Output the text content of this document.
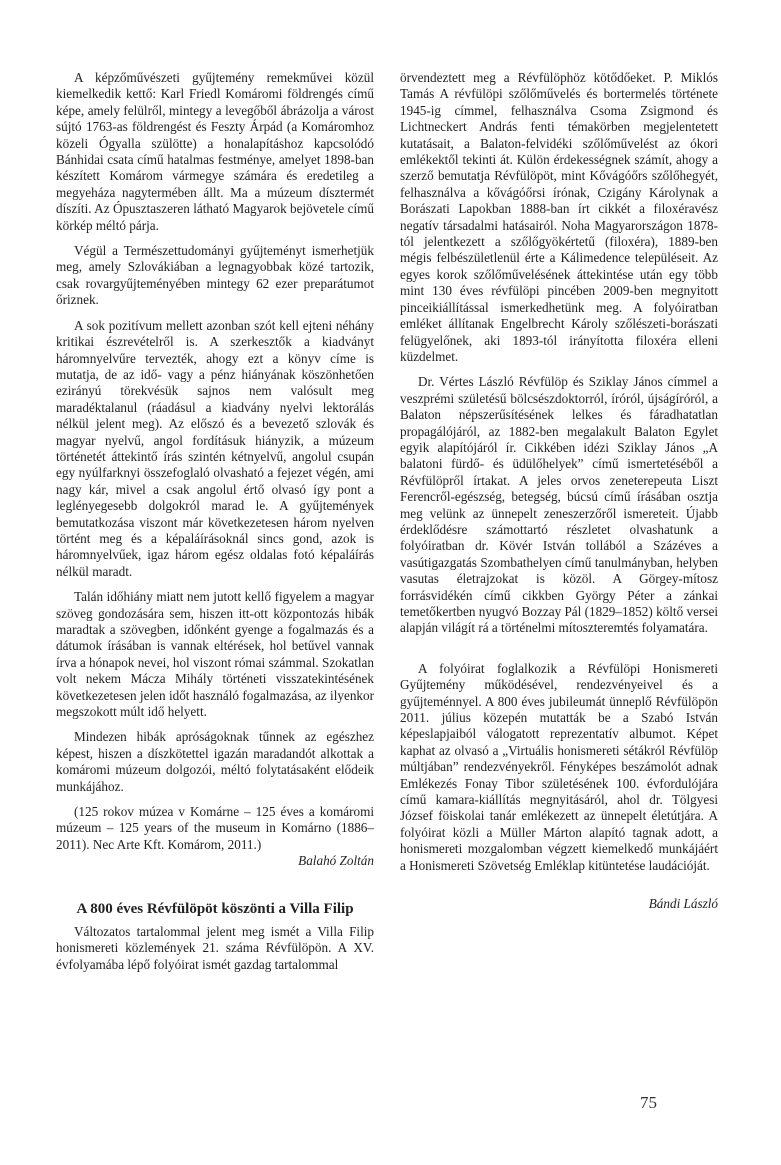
A képzőművészeti gyűjtemény remekművei közül kiemelkedik kettő: Karl Friedl Komáromi földrengés című képe, amely felülről, mintegy a levegőből ábrázolja a várost sújtó 1763-as földrengést és Feszty Árpád (a Komáromhoz közeli Ógyalla szülötte) a honalapításhoz kapcsolódó Bánhidai csata című hatalmas festménye, amelyet 1898-ban készített Komárom vármegye számára és eredetileg a megyeháza nagytermében állt. Ma a múzeum dísztermét díszíti. Az Ópusztaszeren látható Magyarok bejövetele című körkép méltó párja.

Végül a Természettudományi gyűjteményt ismerhetjük meg, amely Szlovákiában a legnagyobbak közé tartozik, csak rovargyűjteményében mintegy 62 ezer preparátumot őriznek.

A sok pozitívum mellett azonban szót kell ejteni néhány kritikai észrevételről is. A szerkesztők a kiadványt háromnyelvűre tervezték, ahogy ezt a könyv címe is mutatja, de az idő- vagy a pénz hiányának köszönhetően ezirányú törekvésük sajnos nem valósult meg maradéktalanul (ráadásul a kiadvány nyelvi lektorálás nélkül jelent meg). Az előszó és a bevezető szlovák és magyar nyelvű, angol fordításuk hiányzik, a múzeum történetét áttekintő írás szintén kétnyelvű, angolul csupán egy nyúlfarknyi összefoglaló olvasható a fejezet végén, ami nagy kár, mivel a csak angolul értő olvasó így pont a leglényegesebb dolgokról marad le. A gyűjtemények bemutatkozása viszont már következetesen három nyelven történt meg és a képaláírásoknál sincs gond, azok is háromnyelvűek, igaz három egész oldalas fotó képaláírás nélkül maradt.

Talán időhiány miatt nem jutott kellő figyelem a magyar szöveg gondozására sem, hiszen itt-ott központozás hibák maradtak a szövegben, időnként gyenge a fogalmazás és a dátumok írásában is vannak eltérések, hol betűvel vannak írva a hónapok nevei, hol viszont római számmal. Szokatlan volt nekem Mácza Mihály történeti visszatekintésének következetesen jelen időt használó fogalmazása, az ilyenkor megszokott múlt idő helyett.

Mindezen hibák apróságoknak tűnnek az egészhez képest, hiszen a díszkötettel igazán maradandót alkottak a komáromi múzeum dolgozói, méltó folytatásaként elődeik munkájához.

(125 rokov múzea v Komárne – 125 éves a komáromi múzeum – 125 years of the museum in Komárno (1886–2011). Nec Arte Kft. Komárom, 2011.)

Balahó Zoltán

A 800 éves Révfülöpöt köszönti a Villa Filip

Változatos tartalommal jelent meg ismét a Villa Filip honismereti közlemények 21. száma Révfülöpön. A XV. évfolyamába lépő folyóirat ismét gazdag tartalommal

örvendeztett meg a Révfülöphöz kötődőeket. P. Miklós Tamás A révfülöpi szőlőművelés és bortermelés története 1945-ig címmel, felhasználva Csoma Zsigmond és Lichtneckert András fenti témakörben megjelentetett kutatásait, a Balaton-felvidéki szőlőművelést az ókori emlékektől tekinti át. Külön érdekességnek számít, ahogy a szerző bemutatja Révfülöpöt, mint Kővágóőrs szőlőhegyét, felhasználva a kővágóőrsi írónak, Czigány Károlynak a Borászati Lapokban 1888-ban írt cikkét a filoxéravész negatív társadalmi hatásairól. Noha Magyarországon 1878-tól jelentkezett a szőlőgyökértetű (filoxéra), 1889-ben mégis felbészületlenül érte a Kálimedence településeit. Az egyes korok szőlőművelésének áttekintése után egy több mint 130 éves révfülöpi pincében 2009-ben megnyitott pinceikiállítással ismerkedhetünk meg. A folyóiratban emléket állítanak Engelbrecht Károly szőlészeti-borászati felügyelőnek, aki 1893-tól irányította filoxéra elleni küzdelmet.

Dr. Vértes László Révfülöp és Sziklay János címmel a veszprémi születésű bölcsészdoktorról, íróról, újságíróról, a Balaton népszerűsítésének lelkes és fáradhatatlan propagálójáról, az 1882-ben megalakult Balaton Egylet egyik alapítójáról ír. Cikkében idézi Sziklay János „A balatoni fürdő- és üdülőhelyek” című ismertetéséből a Révfülöpről írtakat. A jeles orvos zeneterepeuta Liszt Ferencről-egészség, betegség, búcsú című írásában osztja meg velünk az ünnepelt zeneszerzőről ismereteit. Újabb érdeklődésre számottartó részletet olvashatunk a folyóiratban dr. Kövér István tollából a Százéves a vasútigazgatás Szombathelyen című tanulmányban, helyben vasutas életrajzokat is közöl. A Görgey-mítosz forrásvidékén című cikkben György Péter a zánkai temetőkertben nyugvó Bozzay Pál (1829–1852) költő versei alapján világít rá a történelmi mítoszteremtés folyamatára.

A folyóirat foglalkozik a Révfülöpi Honismereti Gyűjtemény működésével, rendezvényeivel és a gyűjteménnyel. A 800 éves jubileumát ünneplő Révfülöpön 2011. július közepén mutatták be a Szabó István képeslapjaiból válogatott reprezentatív albumot. Képet kaphat az olvasó a „Virtuális honismereti sétákról Révfülöp múltjában” rendezvényekről. Fényképes beszámolót adnak Emlékezés Fonay Tibor születésének 100. évfordulójára című kamara-kiállítás megnyitásáról, ahol dr. Tölgyesi József föiskolai tanár emlékezett az ünnepelt életútjára. A folyóirat közli a Müller Márton alapító tagnak adott, a honismereti mozgalomban végzett kiemelkedő munkájáért a Honismereti Szövetség Emléklap kitüntetése laudációját.

Bándi László

75
